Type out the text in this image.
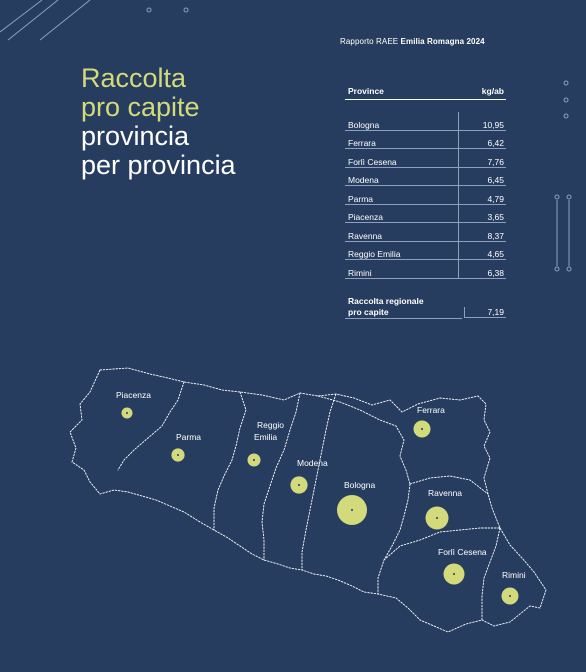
Rapporto RAEE Emilia Romagna 2024
Raccolta
pro capite
provincia
per provincia
Province	kg/ab

Bologna	10,95
Ferrara	6,42
Forlì Cesena	7,76
Modena	6,45
Parma	4,79
Piacenza	3,65
Ravenna	8,37
Reggio Emilia	4,65
Rimini	6,38
Raccolta regionale
pro capite	7,19
Piacenza
Parma
Reggio
Emilia
Modena
Bologna
Ferrara
Ravenna
Forlì Cesena
Rimini
